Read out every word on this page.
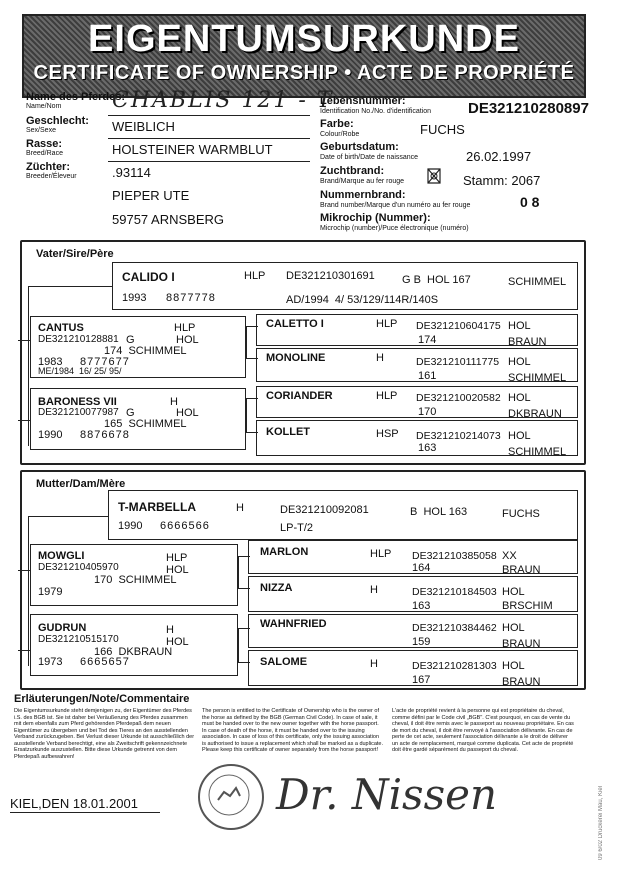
EIGENTUMSURKUNDE
CERTIFICATE OF OWNERSHIP • ACTE DE PROPRIÉTÉ
Name des Pferdes:
Name/Nom CHABLIS 121 - T
Geschlecht:
Sex/Sexe	WEIBLICH
Rasse:
Breed/Race	HOLSTEINER WARMBLUT
Züchter:
Breeder/Éleveur	.93114
PIEPER UTE
59757 ARNSBERG
Lebensnummer:
Identification No./No. d'identification DE321210280897
Farbe:
Colour/Robe	FUCHS
Geburtsdatum:
Date of birth/Date de naissance	26.02.1997
Zuchtbrand:
Brand/Marque au fer rouge	Stamm: 2067
Nummernbrand:
Brand number/Marque d'un numéro au fer rouge	0 8
Mikrochip (Nummer):
Microchip (number)/Puce électronique (numéro)
Vater/Sire/Père
CALIDO I	HLP DE321210301691 G B  HOL 167	SCHIMMEL
1993 8877778	AD/1994  4/ 53/129/114R/140S
CANTUS	HLP
DE321210128881 G	HOL
174  SCHIMMEL
1983 8777677
ME/1984  16/ 25/ 95/
BARONESS VII	H
DE321210077987 G	HOL
165  SCHIMMEL
1990 8876678
CALETTO I	HLP DE321210604175 HOL
174	BRAUN
MONOLINE	H	DE321210111775 HOL
161	SCHIMMEL
CORIANDER	HLP DE321210020582 HOL
170	DKBRAUN
KOLLET	HSP DE321210214073 HOL
163	SCHIMMEL
Mutter/Dam/Mère
T-MARBELLA	H	DE321210092081	B  HOL 163	FUCHS
1990 6666566	LP-T/2
MOWGLI	HLP
DE321210405970	HOL
170  SCHIMMEL
1979
GUDRUN	H
DE321210515170	HOL
166  DKBRAUN
1973 6665657
MARLON	HLP DE321210385058 XX
164	BRAUN
NIZZA	H	DE321210184503 HOL
163	BRSCHIM
WAHNFRIED	DE321210384462 HOL
159	BRAUN
SALOME	H	DE321210281303 HOL
167	BRAUN
Erläuterungen/Note/Commentaire
Die Eigentumsurkunde steht demjenigen zu, der Eigentümer des Pferdes i.S. des BGB ist. Sie ist daher bei Veräußerung des Pferdes zusammen mit dem ebenfalls zum Pferd gehörenden Pferdepaß dem neuen Eigentümer zu übergeben und bei Tod des Tieres an den ausstellenden Verband zurückzugeben. Bei Verlust dieser Urkunde ist ausschließlich der ausstellende Verband berechtigt, eine als Zweitschrift gekennzeichnete Ersatzurkunde auszustellen. Bitte diese Urkunde getrennt von dem Pferdepaß aufbewahren!
The person is entitled to the Certificate of Ownership who is the owner of the horse as defined by the BGB (German Civil Code). In case of sale, it must be handed over to the new owner together with the horse passport. In case of death of the horse, it must be handed over to the issuing association. In case of loss of this certificate, only the issuing association is authorised to issue a replacement which shall be marked as a duplicate. Please keep this certificate of owner separately from the horse passport!
L'acte de propriété revient à la personne qui est propriétaire du cheval, comme défini par le Code civil „BGB". C'est pourquoi, en cas de vente du cheval, il doit être remis avec le passeport au nouveau propriétaire. En cas de mort du cheval, il doit être renvoyé à l'association délivrante. En cas de perte de cet acte, seulement l'association délivrante a le droit de délivrer un acte de remplacement, marqué comme duplicata. Cet acte de propriété doit être gardé séparément du passeport du cheval.
Dr. Nissen
KIEL,DEN 18.01.2001	09 6/02 Druckerei Mau, Kiel
